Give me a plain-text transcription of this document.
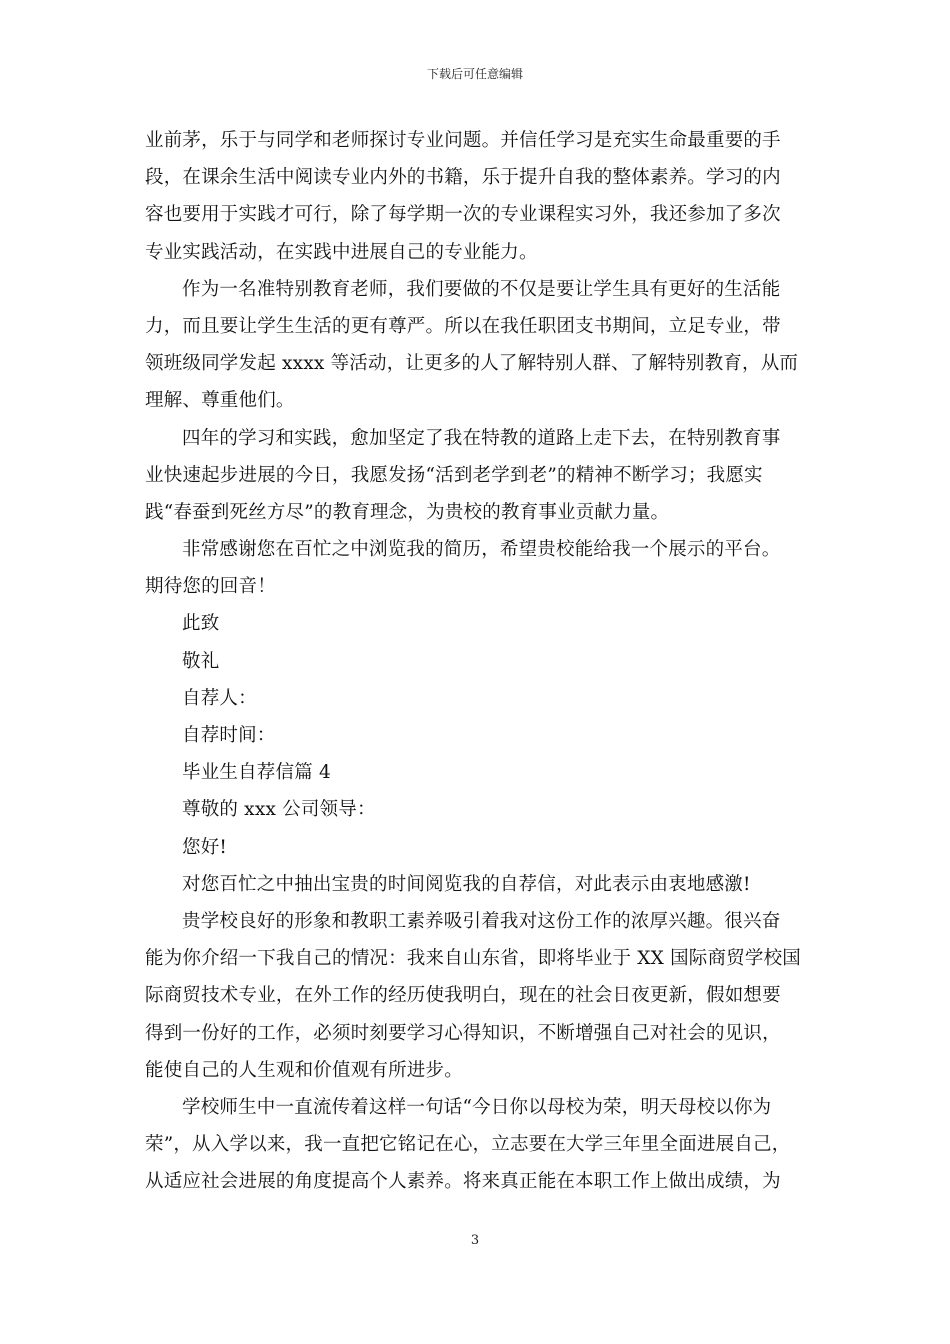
下载后可任意编辑
业前茅，乐于与同学和老师探讨专业问题。并信任学习是充实生命最重要的手
段，在课余生活中阅读专业内外的书籍，乐于提升自我的整体素养。学习的内
容也要用于实践才可行，除了每学期一次的专业课程实习外，我还参加了多次
专业实践活动，在实践中进展自己的专业能力。
作为一名准特别教育老师，我们要做的不仅是要让学生具有更好的生活能
力，而且要让学生生活的更有尊严。所以在我任职团支书期间，立足专业，带
领班级同学发起 xxxx 等活动，让更多的人了解特别人群、了解特别教育，从而
理解、尊重他们。
四年的学习和实践，愈加坚定了我在特教的道路上走下去，在特别教育事
业快速起步进展的今日，我愿发扬“活到老学到老”的精神不断学习；我愿实
践“春蚕到死丝方尽”的教育理念，为贵校的教育事业贡献力量。
非常感谢您在百忙之中浏览我的简历，希望贵校能给我一个展示的平台。
期待您的回音！
此致
敬礼
自荐人：
自荐时间：
毕业生自荐信篇 4
尊敬的 xxx 公司领导：
您好!
对您百忙之中抽出宝贵的时间阅览我的自荐信，对此表示由衷地感激!
贵学校良好的形象和教职工素养吸引着我对这份工作的浓厚兴趣。很兴奋
能为你介绍一下我自己的情况：我来自山东省，即将毕业于 XX 国际商贸学校国
际商贸技术专业，在外工作的经历使我明白，现在的社会日夜更新，假如想要
得到一份好的工作，必须时刻要学习心得知识，不断增强自己对社会的见识，
能使自己的人生观和价值观有所进步。
学校师生中一直流传着这样一句话“今日你以母校为荣，明天母校以你为
荣”，从入学以来，我一直把它铭记在心，立志要在大学三年里全面进展自己，
从适应社会进展的角度提高个人素养。将来真正能在本职工作上做出成绩，为
3
